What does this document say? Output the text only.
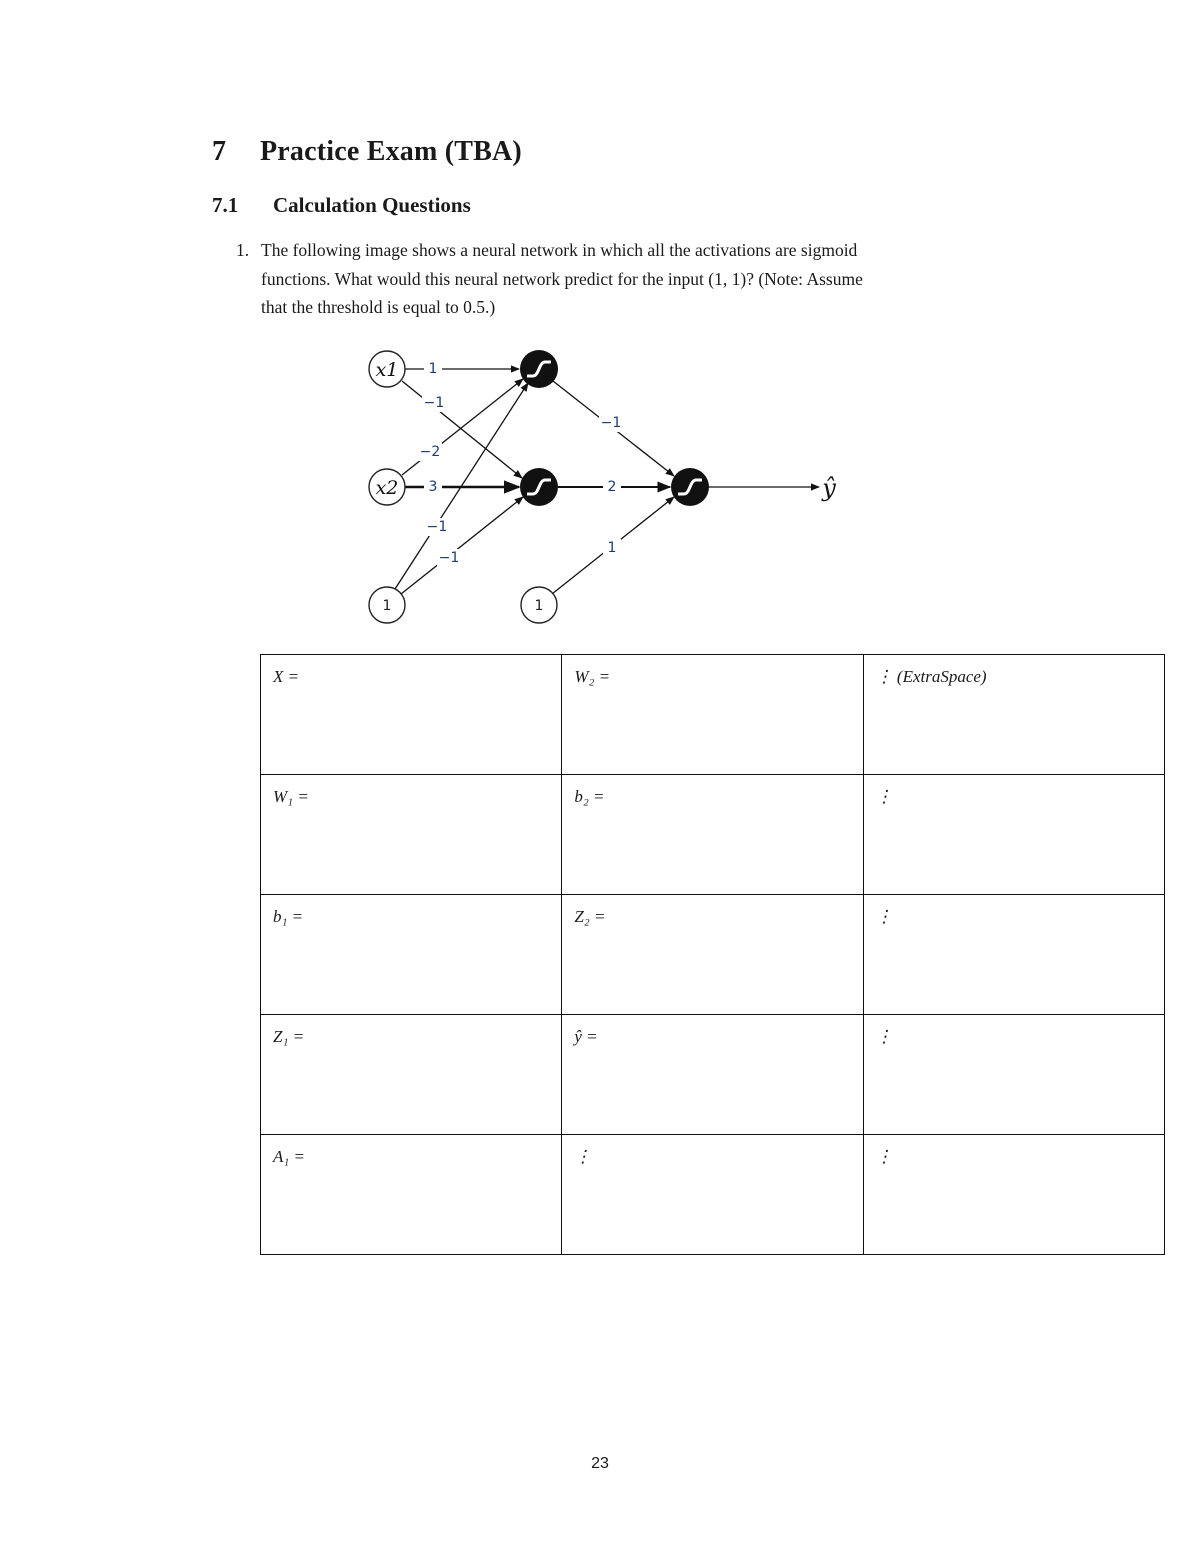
7 Practice Exam (TBA)
7.1 Calculation Questions
1. The following image shows a neural network in which all the activations are sigmoid
functions. What would this neural network predict for the input (1, 1)? (Note: Assume
that the threshold is equal to 0.5.)
1
−1
−2
3
−1
−1
−1
2
1
x1
x2
1	1
ŷ
X =	W₂ =	⋮ (ExtraSpace)
W₁ =	b₂ =	⋮
b₁ =	Z₂ =	⋮
Z₁ =	ŷ =	⋮
A₁ =	⋮	⋮
23
